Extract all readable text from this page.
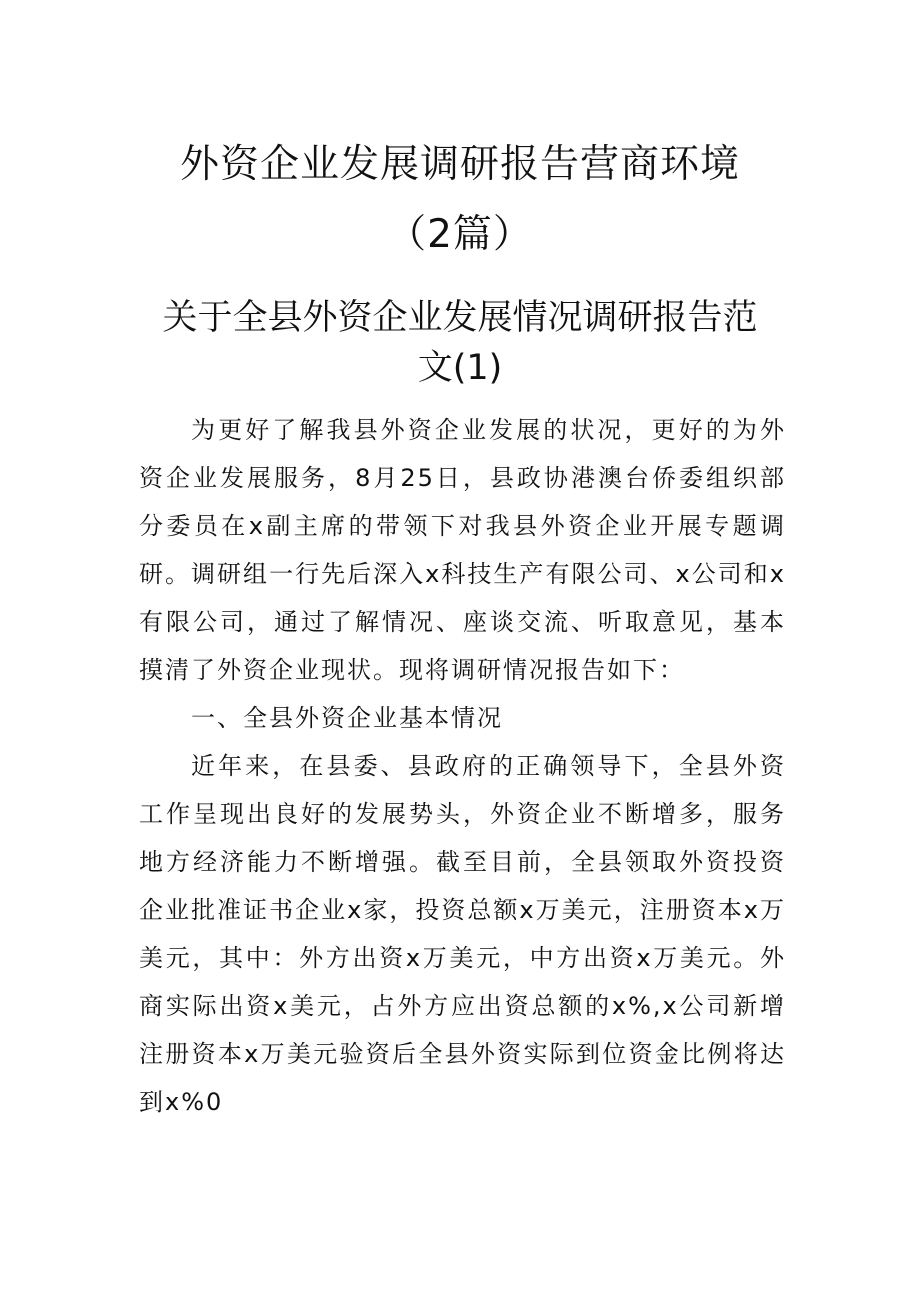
外资企业发展调研报告营商环境
（2篇）
关于全县外资企业发展情况调研报告范
文(1)

为更好了解我县外资企业发展的状况，更好的为外资企业发展服务，8月25日，县政协港澳台侨委组织部分委员在x副主席的带领下对我县外资企业开展专题调研。调研组一行先后深入x科技生产有限公司、x公司和x有限公司，通过了解情况、座谈交流、听取意见，基本摸清了外资企业现状。现将调研情况报告如下：

一、全县外资企业基本情况

近年来，在县委、县政府的正确领导下，全县外资工作呈现出良好的发展势头，外资企业不断增多，服务地方经济能力不断增强。截至目前，全县领取外资投资企业批准证书企业x家，投资总额x万美元，注册资本x万美元，其中：外方出资x万美元，中方出资x万美元。外商实际出资x美元，占外方应出资总额的x%,x公司新增注册资本x万美元验资后全县外资实际到位资金比例将达到x%0
